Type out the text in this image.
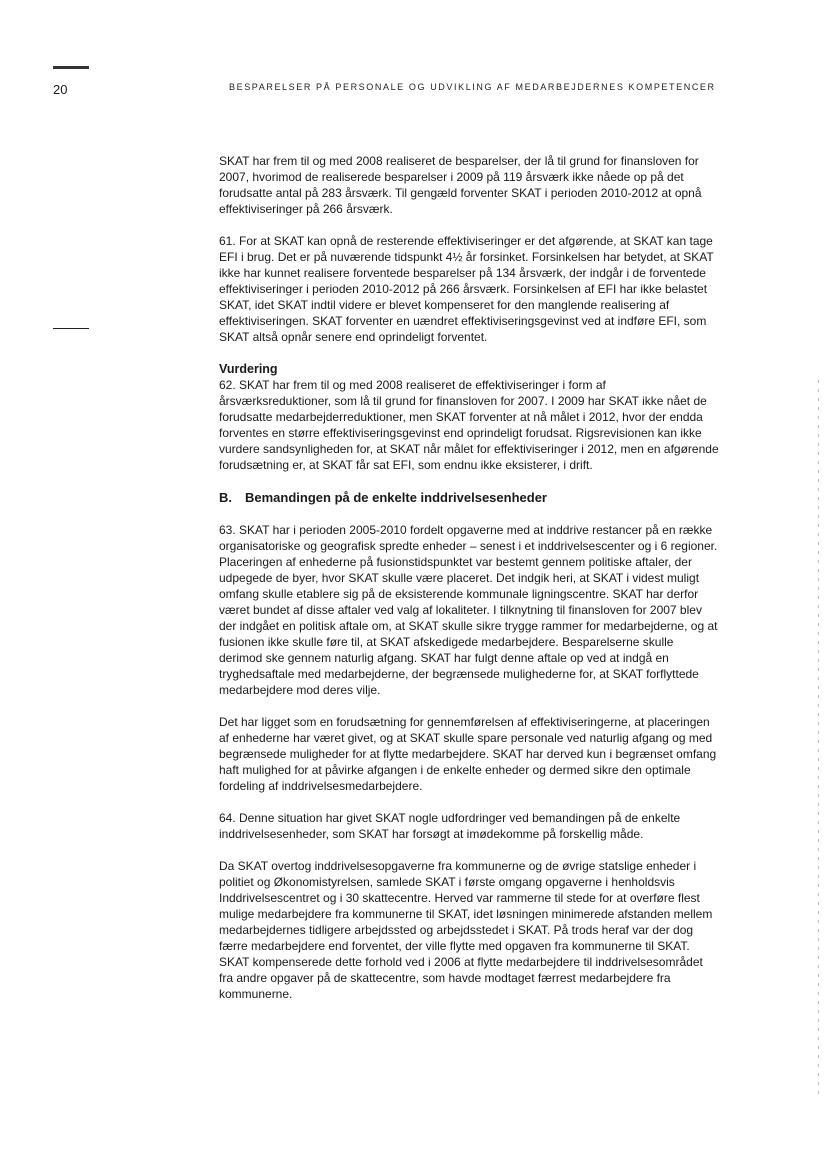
20	BESPARELSER PÅ PERSONALE OG UDVIKLING AF MEDARBEJDERNES KOMPETENCER

SKAT har frem til og med 2008 realiseret de besparelser, der lå til grund for finansloven for 2007, hvorimod de realiserede besparelser i 2009 på 119 årsværk ikke nåede op på det forudsatte antal på 283 årsværk. Til gengæld forventer SKAT i perioden 2010-2012 at opnå effektiviseringer på 266 årsværk.

61. For at SKAT kan opnå de resterende effektiviseringer er det afgørende, at SKAT kan tage EFI i brug. Det er på nuværende tidspunkt 4½ år forsinket. Forsinkelsen har betydet, at SKAT ikke har kunnet realisere forventede besparelser på 134 årsværk, der indgår i de forventede effektiviseringer i perioden 2010-2012 på 266 årsværk. Forsinkelsen af EFI har ikke belastet SKAT, idet SKAT indtil videre er blevet kompenseret for den manglende realisering af effektiviseringen. SKAT forventer en uændret effektiviseringsgevinst ved at indføre EFI, som SKAT altså opnår senere end oprindeligt forventet.

Vurdering

62. SKAT har frem til og med 2008 realiseret de effektiviseringer i form af årsværksreduktioner, som lå til grund for finansloven for 2007. I 2009 har SKAT ikke nået de forudsatte medarbejderreduktioner, men SKAT forventer at nå målet i 2012, hvor der endda forventes en større effektiviseringsgevinst end oprindeligt forudsat. Rigsrevisionen kan ikke vurdere sandsynligheden for, at SKAT når målet for effektiviseringer i 2012, men en afgørende forudsætning er, at SKAT får sat EFI, som endnu ikke eksisterer, i drift.

B.	Bemandingen på de enkelte inddrivelsesenheder

63. SKAT har i perioden 2005-2010 fordelt opgaverne med at inddrive restancer på en række organisatoriske og geografisk spredte enheder – senest i et inddrivelsescenter og i 6 regioner. Placeringen af enhederne på fusionstidspunktet var bestemt gennem politiske aftaler, der udpegede de byer, hvor SKAT skulle være placeret. Det indgik heri, at SKAT i videst muligt omfang skulle etablere sig på de eksisterende kommunale ligningscentre. SKAT har derfor været bundet af disse aftaler ved valg af lokaliteter. I tilknytning til finansloven for 2007 blev der indgået en politisk aftale om, at SKAT skulle sikre trygge rammer for medarbejderne, og at fusionen ikke skulle føre til, at SKAT afskedigede medarbejdere. Besparelserne skulle derimod ske gennem naturlig afgang. SKAT har fulgt denne aftale op ved at indgå en tryghedsaftale med medarbejderne, der begrænsede mulighederne for, at SKAT forflyttede medarbejdere mod deres vilje.

Det har ligget som en forudsætning for gennemførelsen af effektiviseringerne, at placeringen af enhederne har været givet, og at SKAT skulle spare personale ved naturlig afgang og med begrænsede muligheder for at flytte medarbejdere. SKAT har derved kun i begrænset omfang haft mulighed for at påvirke afgangen i de enkelte enheder og dermed sikre den optimale fordeling af inddrivelsesmedarbejdere.

64. Denne situation har givet SKAT nogle udfordringer ved bemandingen på de enkelte inddrivelsesenheder, som SKAT har forsøgt at imødekomme på forskellig måde.

Da SKAT overtog inddrivelsesopgaverne fra kommunerne og de øvrige statslige enheder i politiet og Økonomistyrelsen, samlede SKAT i første omgang opgaverne i henholdsvis Inddrivelsescentret og i 30 skattecentre. Herved var rammerne til stede for at overføre flest mulige medarbejdere fra kommunerne til SKAT, idet løsningen minimerede afstanden mellem medarbejdernes tidligere arbejdssted og arbejdsstedet i SKAT. På trods heraf var der dog færre medarbejdere end forventet, der ville flytte med opgaven fra kommunerne til SKAT. SKAT kompenserede dette forhold ved i 2006 at flytte medarbejdere til inddrivelsesområdet fra andre opgaver på de skattecentre, som havde modtaget færrest medarbejdere fra kommunerne.
